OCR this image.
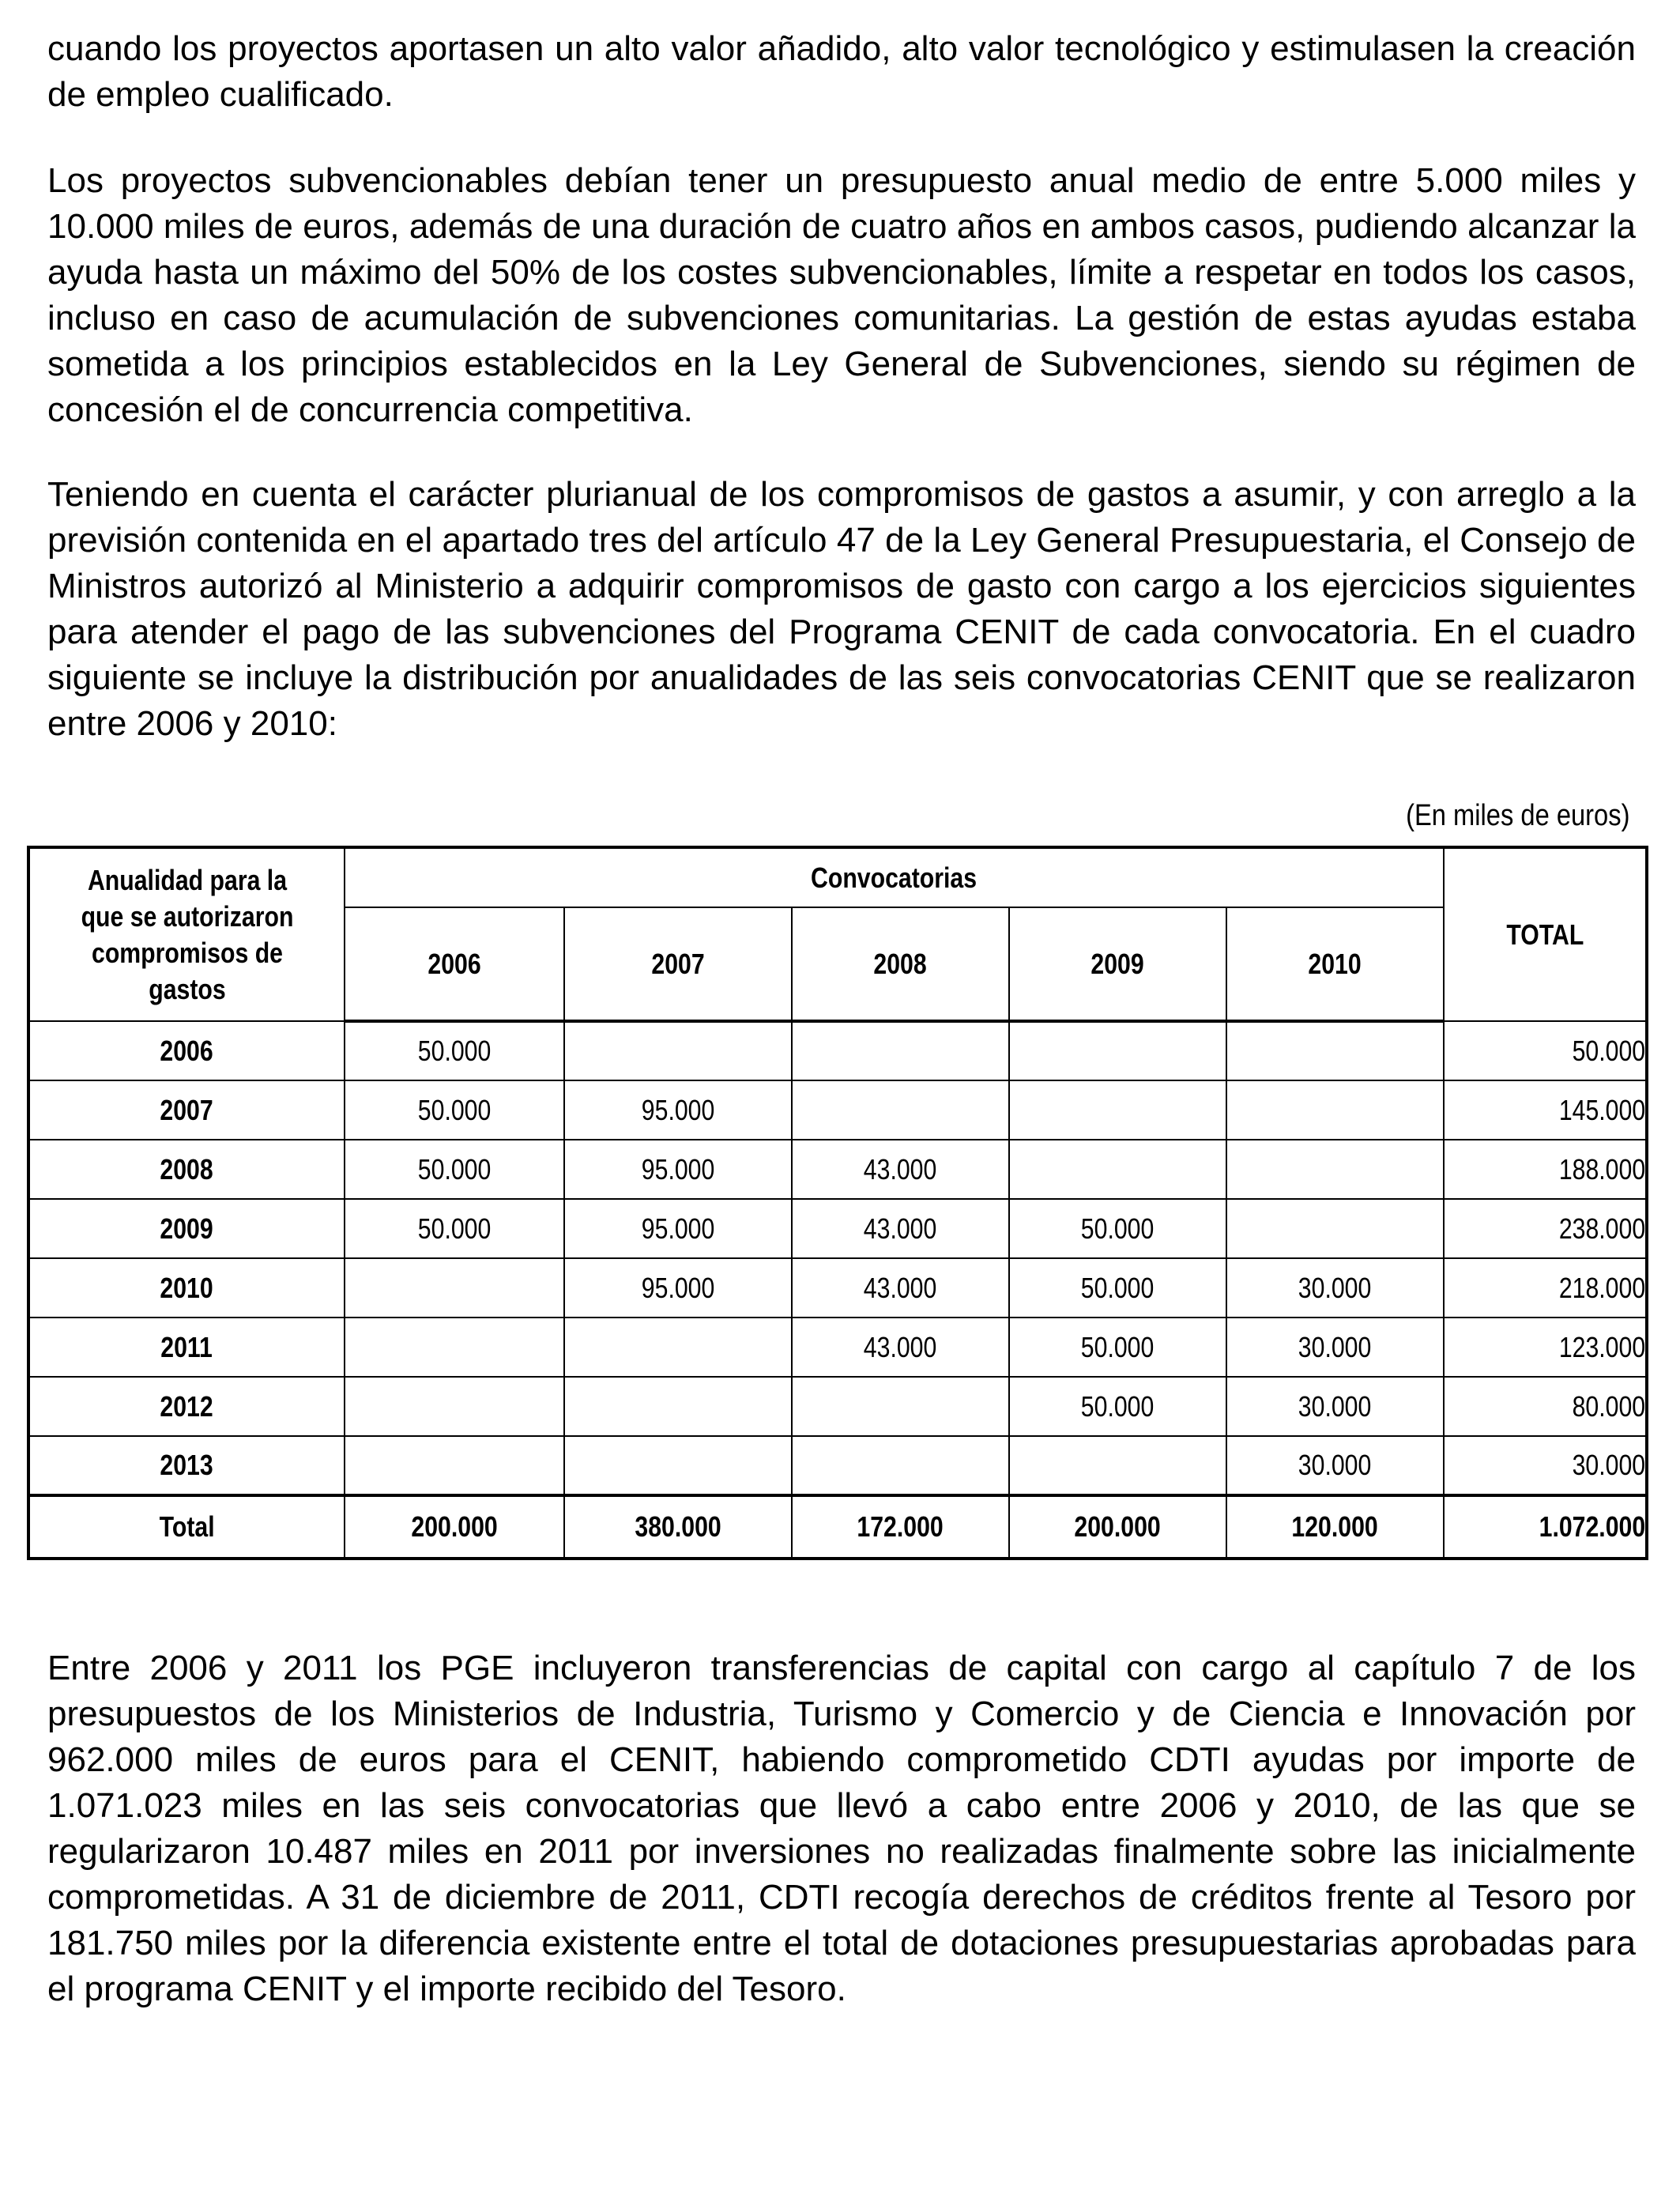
cuando los proyectos aportasen un alto valor añadido, alto valor tecnológico y estimulasen la creación de empleo cualificado.

Los proyectos subvencionables debían tener un presupuesto anual medio de entre 5.000 miles y 10.000 miles de euros, además de una duración de cuatro años en ambos casos, pudiendo alcanzar la ayuda hasta un máximo del 50% de los costes subvencionables, límite a respetar en todos los casos, incluso en caso de acumulación de subvenciones comunitarias. La gestión de estas ayudas estaba sometida a los principios establecidos en la Ley General de Subvenciones, siendo su régimen de concesión el de concurrencia competitiva.

Teniendo en cuenta el carácter plurianual de los compromisos de gastos a asumir, y con arreglo a la previsión contenida en el apartado tres del artículo 47 de la Ley General Presupuestaria, el Consejo de Ministros autorizó al Ministerio a adquirir compromisos de gasto con cargo a los ejercicios siguientes para atender el pago de las subvenciones del Programa CENIT de cada convocatoria. En el cuadro siguiente se incluye la distribución por anualidades de las seis convocatorias CENIT que se realizaron entre 2006 y 2010:

(En miles de euros)
Anualidad para la que se autorizaron compromisos de gastos	Convocatorias					TOTAL
	2006	2007	2008	2009	2010	
2006	50.000					50.000
2007	50.000	95.000				145.000
2008	50.000	95.000	43.000			188.000
2009	50.000	95.000	43.000	50.000		238.000
2010		95.000	43.000	50.000	30.000	218.000
2011			43.000	50.000	30.000	123.000
2012				50.000	30.000	80.000
2013					30.000	30.000
Total	200.000	380.000	172.000	200.000	120.000	1.072.000

Entre 2006 y 2011 los PGE incluyeron transferencias de capital con cargo al capítulo 7 de los presupuestos de los Ministerios de Industria, Turismo y Comercio y de Ciencia e Innovación por 962.000 miles de euros para el CENIT, habiendo comprometido CDTI ayudas por importe de 1.071.023 miles en las seis convocatorias que llevó a cabo entre 2006 y 2010, de las que se regularizaron 10.487 miles en 2011 por inversiones no realizadas finalmente sobre las inicialmente comprometidas. A 31 de diciembre de 2011, CDTI recogía derechos de créditos frente al Tesoro por 181.750 miles por la diferencia existente entre el total de dotaciones presupuestarias aprobadas para el programa CENIT y el importe recibido del Tesoro.
